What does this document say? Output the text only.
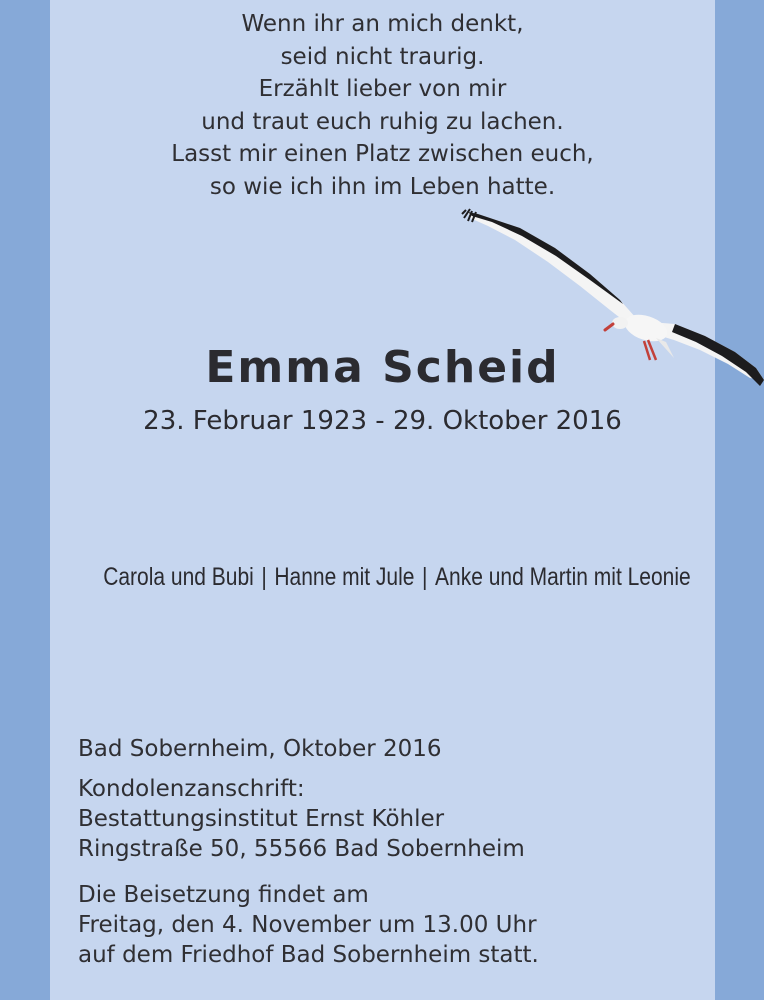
Wenn ihr an mich denkt,
seid nicht traurig.
Erzählt lieber von mir
und traut euch ruhig zu lachen.
Lasst mir einen Platz zwischen euch,
so wie ich ihn im Leben hatte.
Emma Scheid
23. Februar 1923 - 29. Oktober 2016
Carola und Bubi | Hanne mit Jule | Anke und Martin mit Leonie

Bad Sobernheim, Oktober 2016

Kondolenzanschrift:

Bestattungsinstitut Ernst Köhler

Ringstraße 50, 55566 Bad Sobernheim

Die Beisetzung findet am

Freitag, den 4. November um 13.00 Uhr

auf dem Friedhof Bad Sobernheim statt.
